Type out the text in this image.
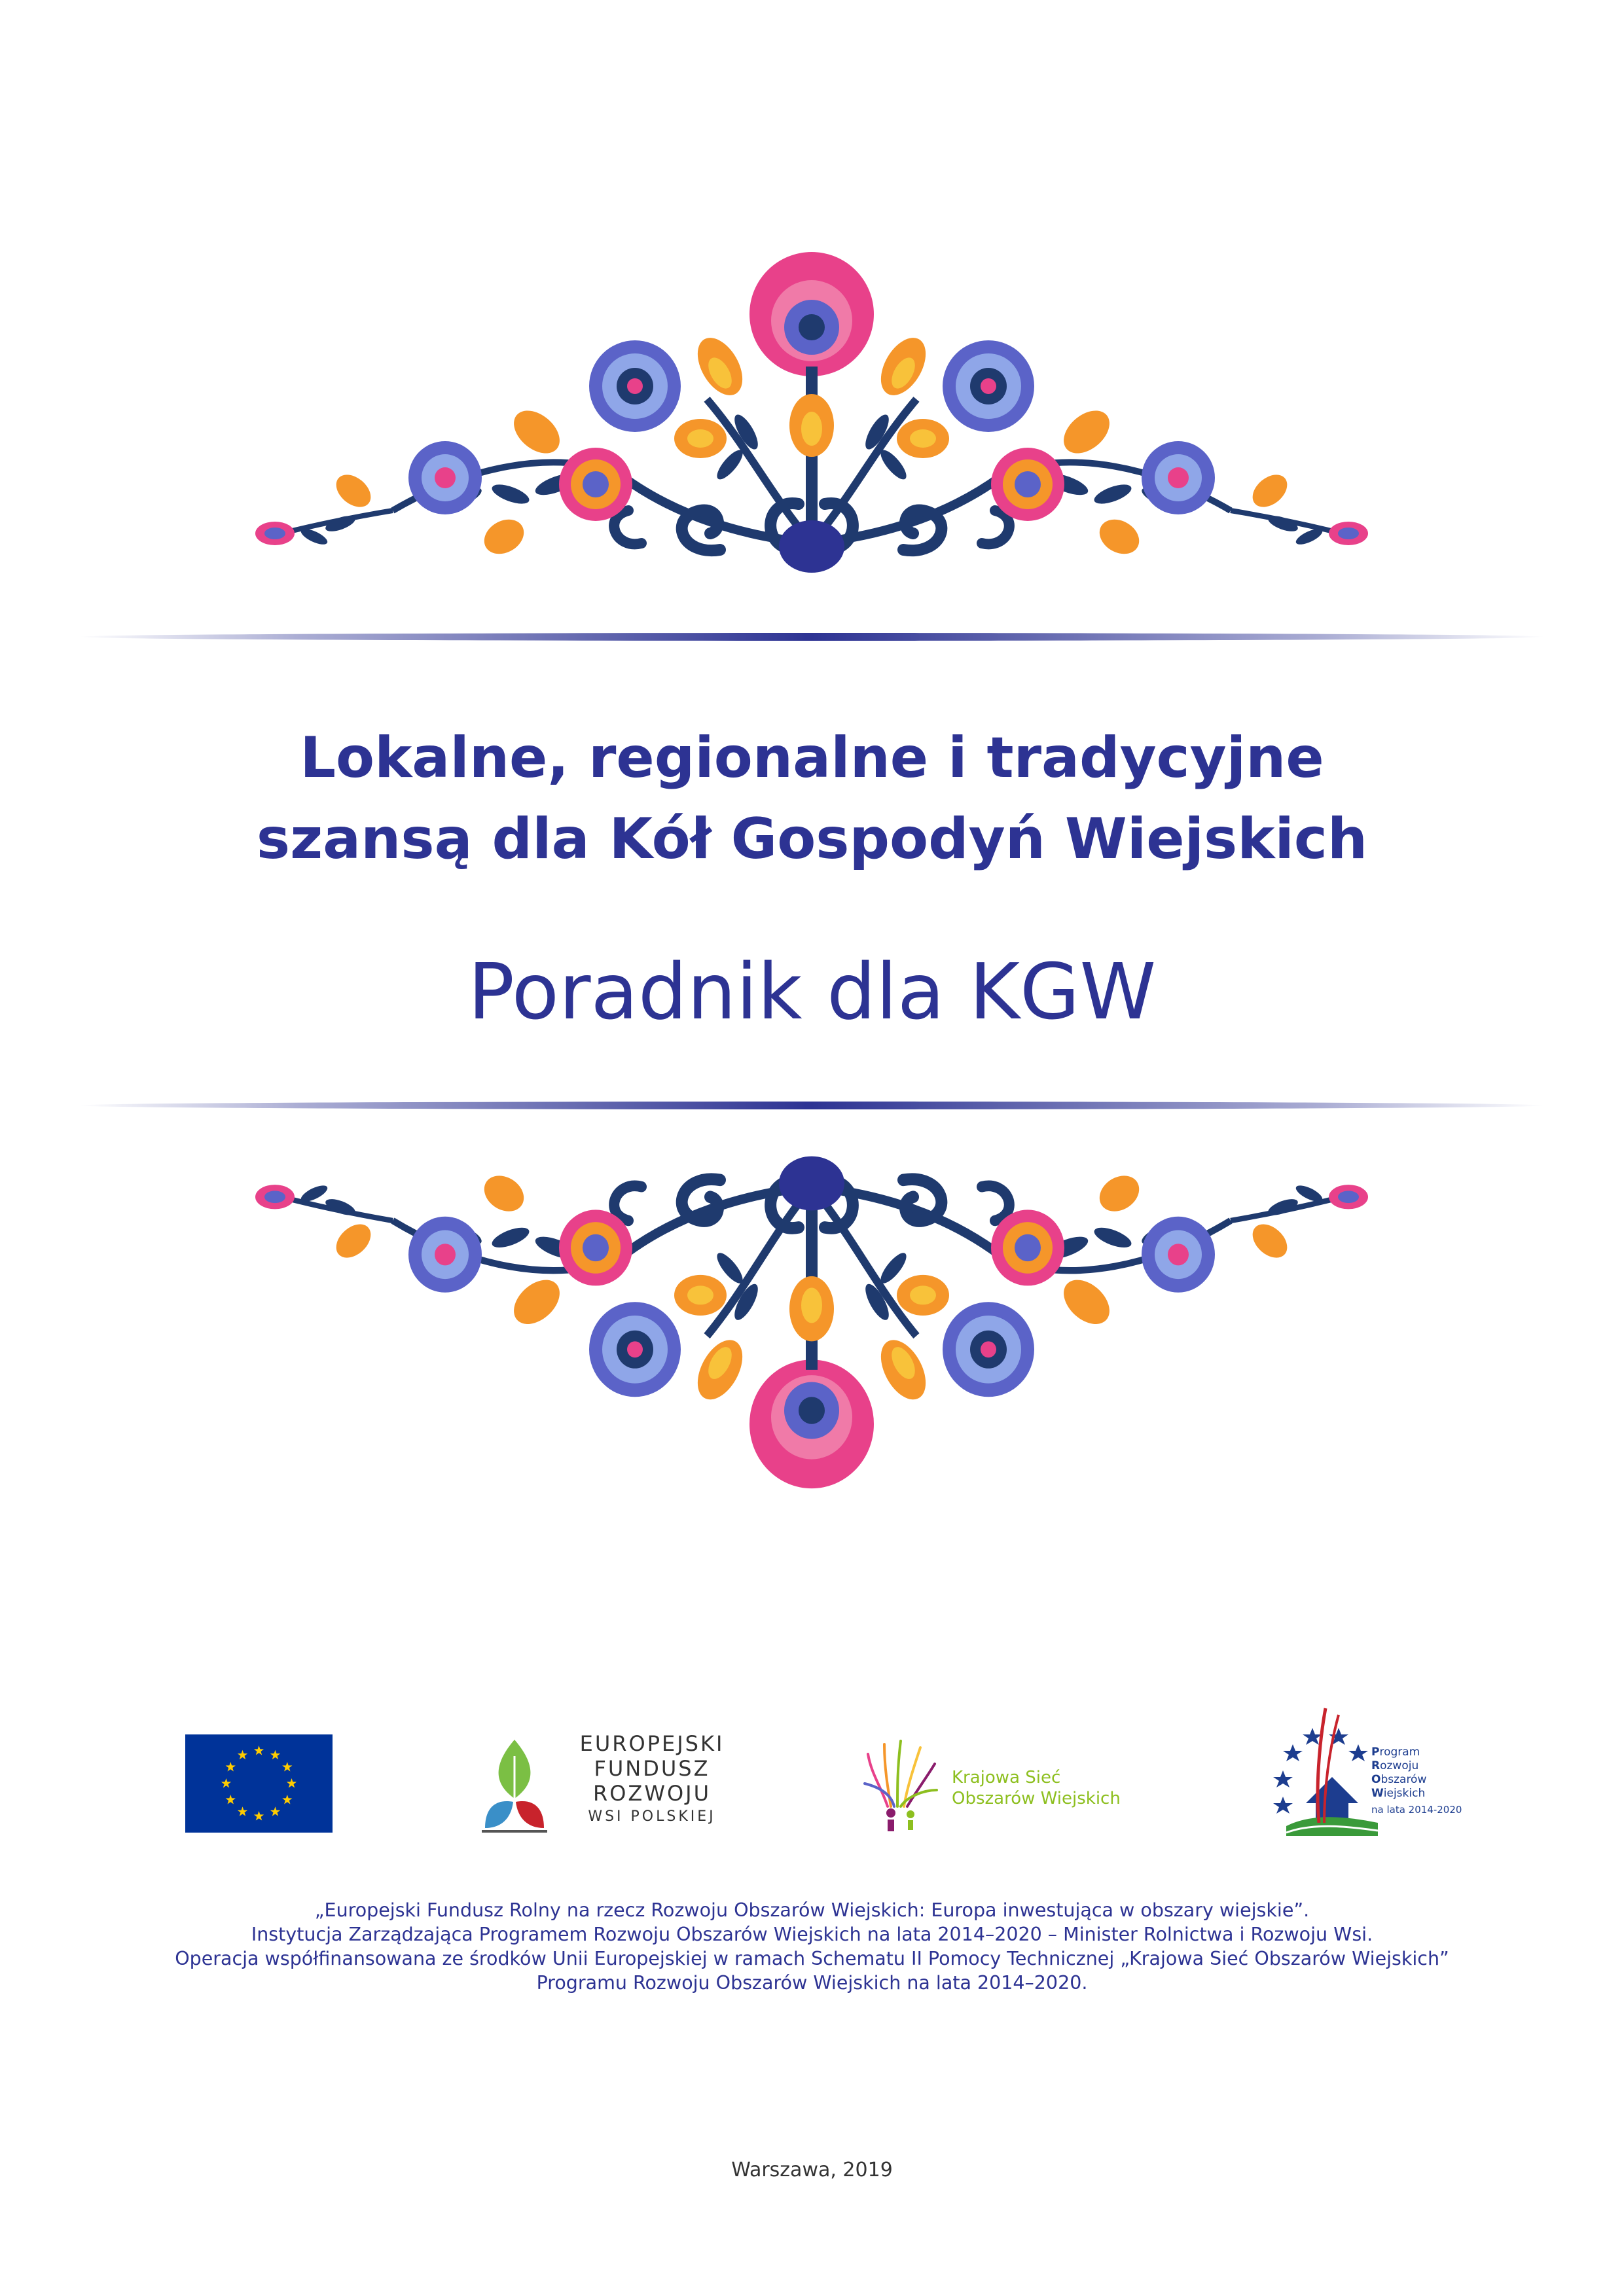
Lokalne, regionalne i tradycyjne
szansą dla Kół Gospodyń Wiejskich
Poradnik dla KGW
EUROPEJSKI
FUNDUSZ
ROZWOJU
WSI POLSKIEJ
Krajowa Sieć
Obszarów Wiejskich
Program
Rozwoju
Obszarów
Wiejskich
na lata 2014-2020
„Europejski Fundusz Rolny na rzecz Rozwoju Obszarów Wiejskich: Europa inwestująca w obszary wiejskie”.
Instytucja Zarządzająca Programem Rozwoju Obszarów Wiejskich na lata 2014–2020 – Minister Rolnictwa i Rozwoju Wsi.
Operacja współfinansowana ze środków Unii Europejskiej w ramach Schematu II Pomocy Technicznej „Krajowa Sieć Obszarów Wiejskich”
Programu Rozwoju Obszarów Wiejskich na lata 2014–2020.
Warszawa, 2019
